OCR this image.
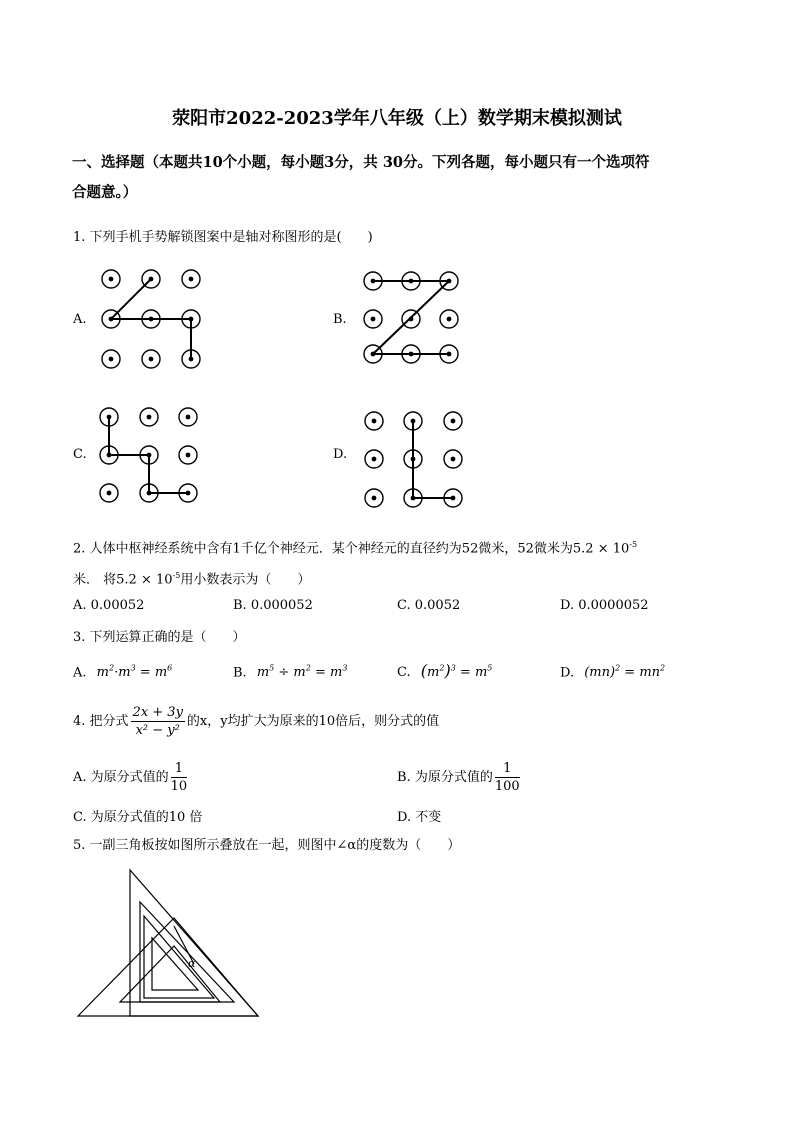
荥阳市2022-2023学年八年级（上）数学期末模拟测试
一、选择题（本题共10个小题，每小题3分，共 30分。下列各题，每小题只有一个选项符
合题意。）
1. 下列手机手势解锁图案中是轴对称图形的是(　　)
A.	B.
C.	D.
2. 人体中枢神经系统中含有1千亿个神经元．某个神经元的直径约为52微米，52微米为$5.2 \times 10^{-5}$
米． 将$5.2 \times 10^{-5}$用小数表示为（　　）
A. 0.00052	B. 0.000052	C. 0.0052	D. 0.0000052
3. 下列运算正确的是（　　）
A. $m^2\cdot m^3 = m^6$	B. $m^5 \div m^2 = m^3$	C. $(m^2)^3 = m^5$	D. $(mn)^2 = mn^2$
4. 把分式 $\frac{2x + 3y}{\text{x² − y²}}$ 的x，y均扩大为原来的10倍后，则分式的值
A. 为原分式值的 $\frac{1}{10}$	B. 为原分式值的 $\frac{1}{100}$
C. 为原分式值的10 倍	D. 不变
5. 一副三角板按如图所示叠放在一起，则图中∠α的度数为（　　）
α
